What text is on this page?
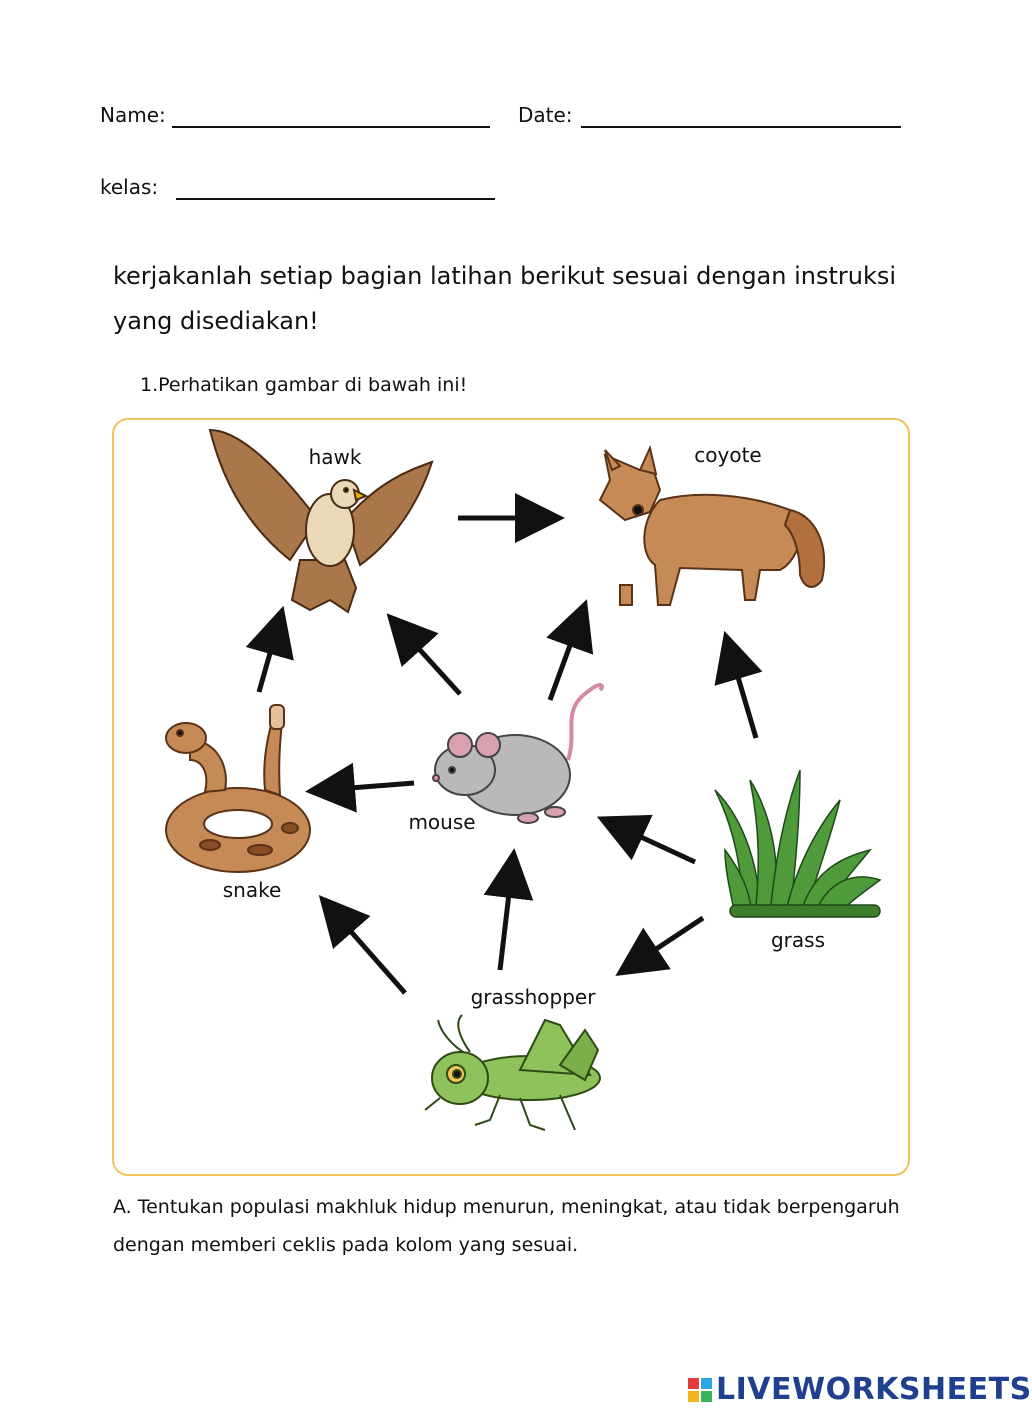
Name:	Date:
kelas:
kerjakanlah setiap bagian latihan berikut sesuai dengan instruksi
yang disediakan!
1.Perhatikan gambar di bawah ini!
hawk	coyote
snake
mouse
grass
grasshopper
A. Tentukan populasi makhluk hidup menurun, meningkat, atau tidak berpengaruh
dengan memberi ceklis pada kolom yang sesuai.
LIVEWORKSHEETS
